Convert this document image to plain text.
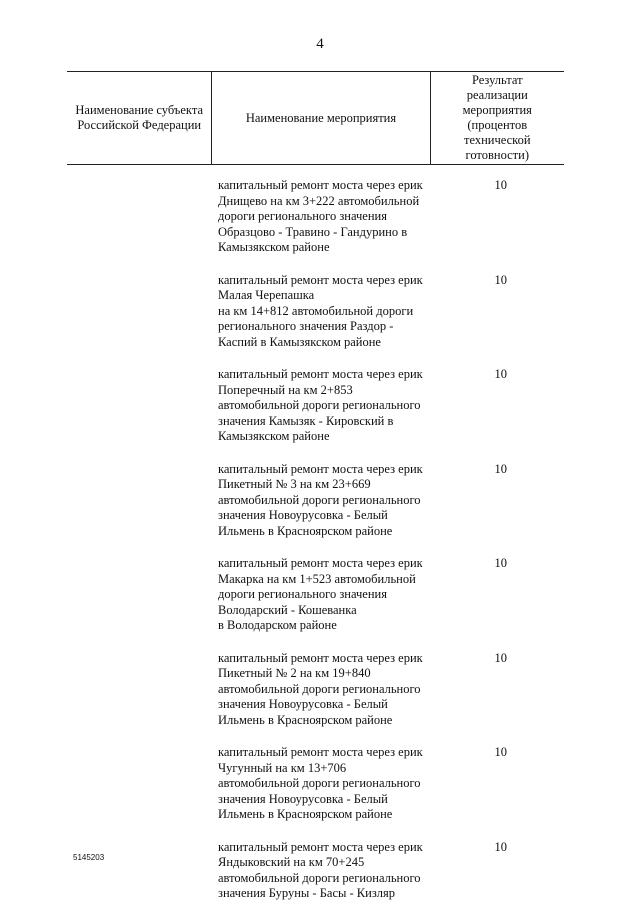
4
Наименование субъекта
Российской Федерации
Наименование мероприятия
Результат
реализации
мероприятия
(процентов
технической
готовности)
капитальный ремонт моста через ерик
Днищево на км 3+222 автомобильной
дороги регионального значения
Образцово - Травино - Гандурино в
Камызякском районе
10
капитальный ремонт моста через ерик
Малая Черепашка
на км 14+812 автомобильной дороги
регионального значения Раздор -
Каспий в Камызякском районе
10
капитальный ремонт моста через ерик
Поперечный на км 2+853
автомобильной дороги регионального
значения Камызяк - Кировский в
Камызякском районе
10
капитальный ремонт моста через ерик
Пикетный № 3 на км 23+669
автомобильной дороги регионального
значения Новоурусовка - Белый
Ильмень в Красноярском районе
10
капитальный ремонт моста через ерик
Макарка на км 1+523 автомобильной
дороги регионального значения
Володарский - Кошеванка
в Володарском районе
10
капитальный ремонт моста через ерик
Пикетный № 2 на км 19+840
автомобильной дороги регионального
значения Новоурусовка - Белый
Ильмень в Красноярском районе
10
капитальный ремонт моста через ерик
Чугунный на км 13+706
автомобильной дороги регионального
значения Новоурусовка - Белый
Ильмень в Красноярском районе
10
капитальный ремонт моста через ерик
Яндыковский на км 70+245
автомобильной дороги регионального
значения Буруны - Басы - Кизляр
10
5145203
